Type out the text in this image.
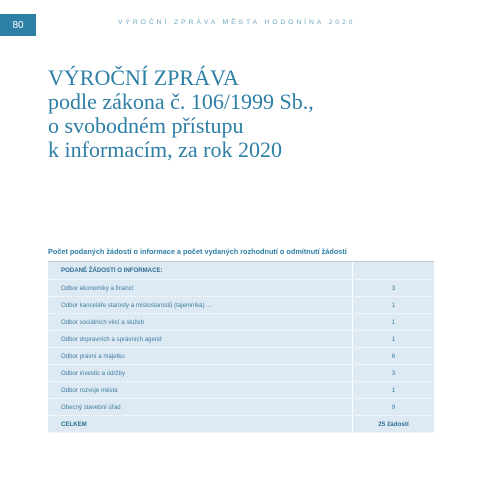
80	VÝROČNÍ ZPRÁVA MĚSTA HODONÍNA 2020
VÝROČNÍ ZPRÁVA
podle zákona č. 106/1999 Sb.,
o svobodném přístupu
k informacím, za rok 2020
Počet podaných žádostí o informace a počet vydaných rozhodnutí o odmítnutí žádosti
PODANÉ ŽÁDOSTI O INFORMACE:
Odbor ekonomiky a financí	3
Odbor kanceláře starosty a místostarostů (tajemníka) ...	1
Odbor sociálních věcí a služeb	1
Odbor dopravních a správních agend	1
Odbor právní a majetku	6
Odbor investic a údržby	3
Odbor rozvoje města	1
Obecný stavební úřad	9
CELKEM	25 žádostí
